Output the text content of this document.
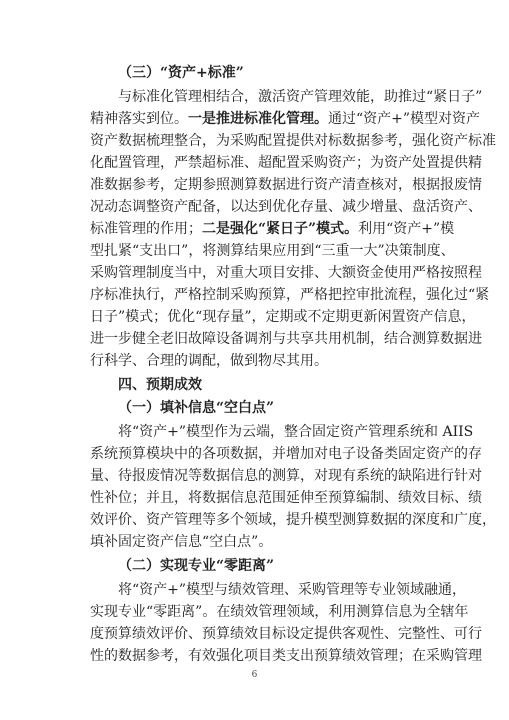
（三）“资产+标准”
与标准化管理相结合，激活资产管理效能，助推过“紧日子”
精神落实到位。一是推进标准化管理。通过“资产+”模型对资产
资产数据梳理整合，为采购配置提供对标数据参考，强化资产标准
化配置管理，严禁超标准、超配置采购资产；为资产处置提供精
准数据参考，定期参照测算数据进行资产清查核对，根据报废情
况动态调整资产配备，以达到优化存量、减少增量、盘活资产、
标准管理的作用；二是强化“紧日子”模式。利用“资产+”模
型扎紧“支出口”，将测算结果应用到“三重一大”决策制度、
采购管理制度当中，对重大项目安排、大额资金使用严格按照程
序标准执行，严格控制采购预算，严格把控审批流程，强化过“紧
日子”模式；优化“现存量”，定期或不定期更新闲置资产信息，
进一步健全老旧故障设备调剂与共享共用机制，结合测算数据进
行科学、合理的调配，做到物尽其用。
四、预期成效
（一）填补信息“空白点”
将“资产+”模型作为云端，整合固定资产管理系统和 AIIS
系统预算模块中的各项数据，并增加对电子设备类固定资产的存
量、待报废情况等数据信息的测算，对现有系统的缺陷进行针对
性补位；并且，将数据信息范围延伸至预算编制、绩效目标、绩
效评价、资产管理等多个领域，提升模型测算数据的深度和广度，
填补固定资产信息“空白点”。
（二）实现专业“零距离”
将“资产+”模型与绩效管理、采购管理等专业领域融通，
实现专业“零距离”。在绩效管理领域，利用测算信息为全辖年
度预算绩效评价、预算绩效目标设定提供客观性、完整性、可行
性的数据参考，有效强化项目类支出预算绩效管理；在采购管理
6
